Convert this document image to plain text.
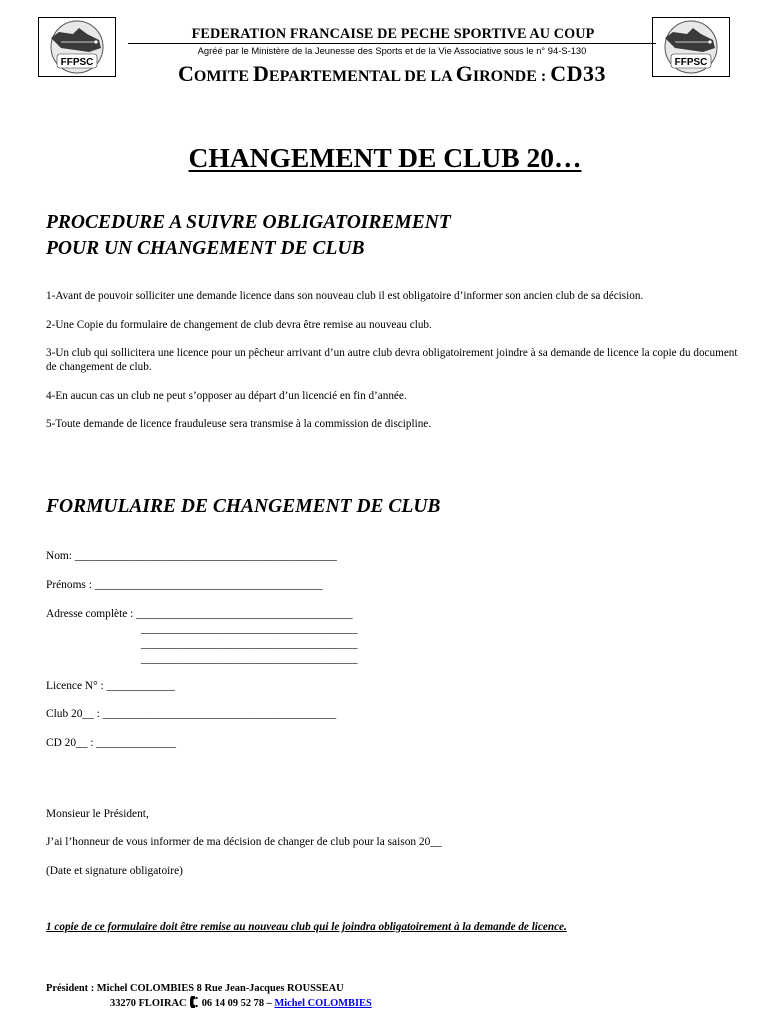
FFPSC	FFPSC
FEDERATION FRANCAISE DE PECHE SPORTIVE AU COUP
Agréé par le Ministère de la Jeunesse des Sports et de la Vie Associative sous le n° 94-S-130
COMITE DEPARTEMENTAL DE LA GIRONDE : CD33
CHANGEMENT DE CLUB 20…
PROCEDURE A SUIVRE OBLIGATOIREMENT
POUR UN CHANGEMENT DE CLUB
1-Avant de pouvoir solliciter une demande licence dans son nouveau club il est obligatoire d’informer son ancien club de sa décision.
2-Une Copie du formulaire de changement de club devra être remise au nouveau club.
3-Un club qui sollicitera une licence pour un pêcheur arrivant d’un autre club devra obligatoirement joindre à sa demande de licence la copie du document de changement de club.
4-En aucun cas un club ne peut s’opposer au départ d’un licencié en fin d’année.
5-Toute demande de licence frauduleuse sera transmise à la commission de discipline.
FORMULAIRE DE CHANGEMENT DE CLUB
Nom: ______________________________________________
Prénoms : ________________________________________
Adresse complète : ______________________________________
______________________________________
______________________________________
______________________________________
Licence N° : ____________
Club 20__ : _________________________________________
CD 20__ : ______________
Monsieur le Président,
J’ai l’honneur de vous informer de ma décision de changer de club pour la saison 20__
(Date et signature obligatoire)
1 copie de ce formulaire doit être remise au nouveau club qui le joindra obligatoirement à la demande de licence.
Président : Michel COLOMBIES 8 Rue Jean-Jacques ROUSSEAU
33270 FLOIRAC  06 14 09 52 78 – Michel COLOMBIES
